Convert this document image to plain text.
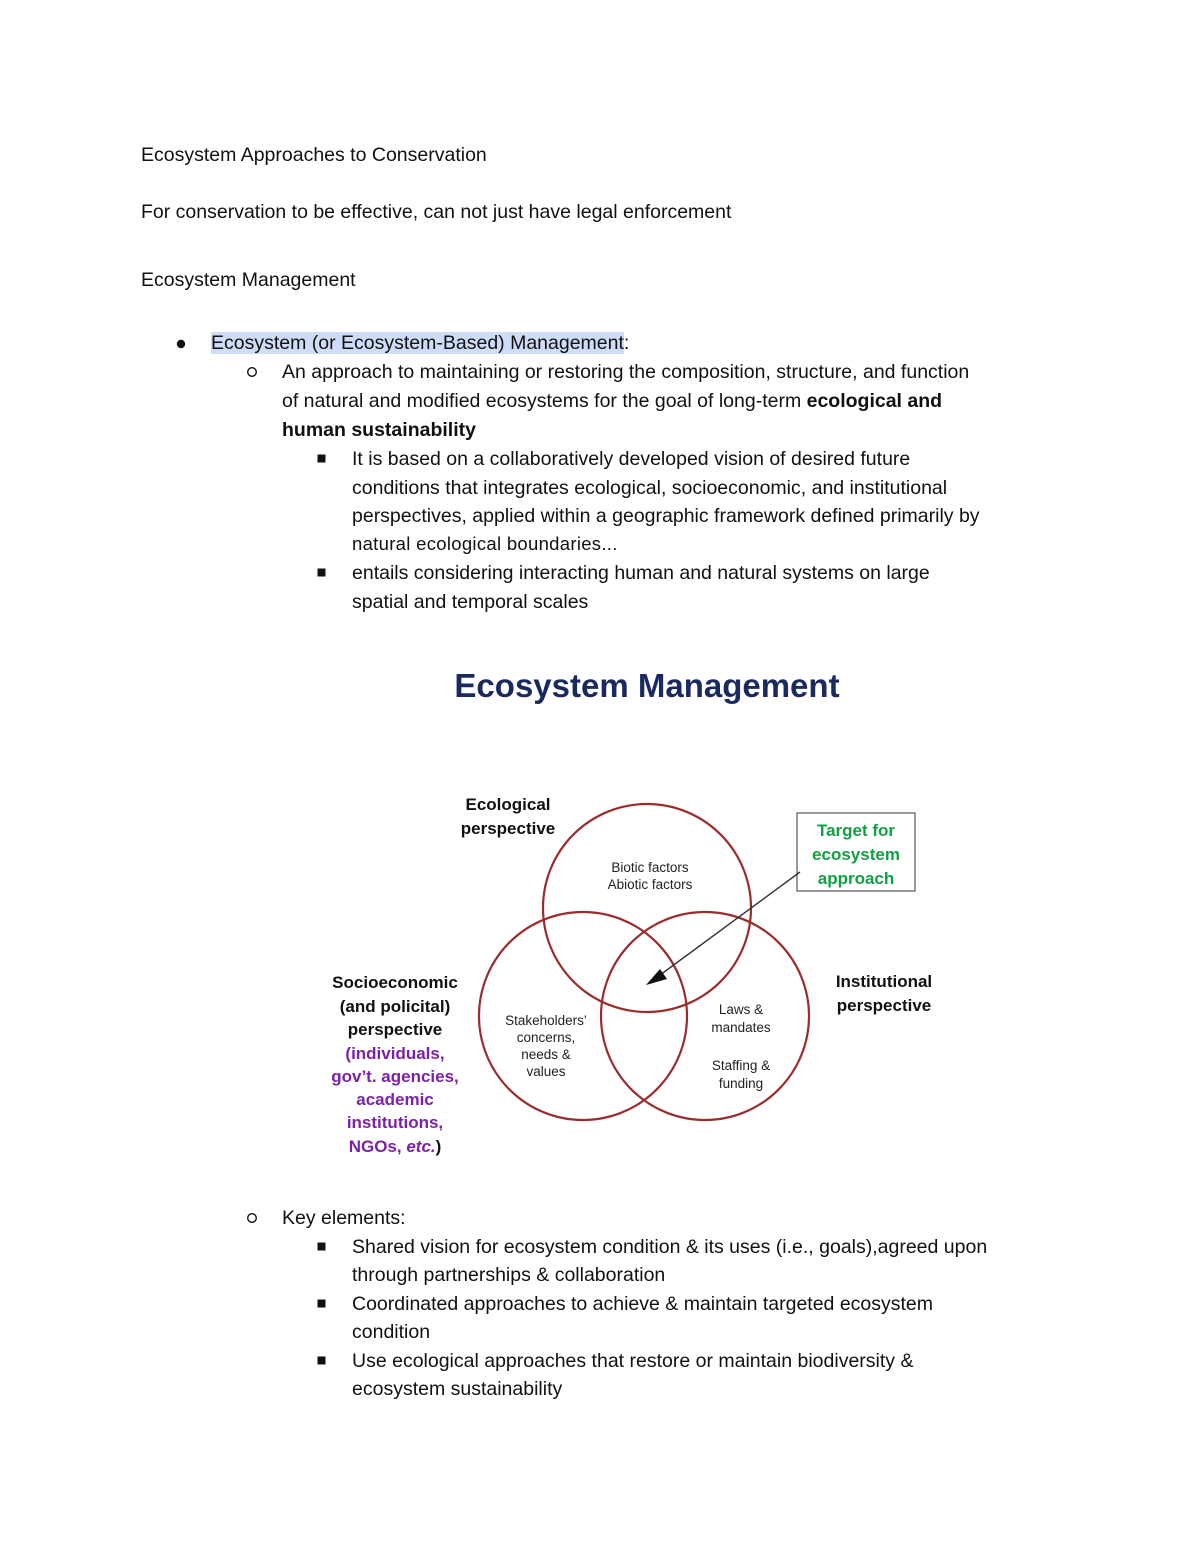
Ecosystem Approaches to Conservation
For conservation to be effective, can not just have legal enforcement
Ecosystem Management
Ecosystem (or Ecosystem-Based) Management:
An approach to maintaining or restoring the composition, structure, and function
of natural and modified ecosystems for the goal of long-term ecological and
human sustainability
It is based on a collaboratively developed vision of desired future
conditions that integrates ecological, socioeconomic, and institutional
perspectives, applied within a geographic framework defined primarily by
natural ecological boundaries...
entails considering interacting human and natural systems on large
spatial and temporal scales
Ecosystem Management
Ecological
perspective
Biotic factors
Abiotic factors
Target for
ecosystem
approach
Socioeconomic
(and policital)
perspective
(individuals,
gov’t. agencies,
academic
institutions,
NGOs, etc.)
Stakeholders’
concerns,
needs &
values
Institutional
perspective
Laws &
mandates
Staffing &
funding
Key elements:
Shared vision for ecosystem condition & its uses (i.e., goals),agreed upon
through partnerships & collaboration
Coordinated approaches to achieve & maintain targeted ecosystem
condition
Use ecological approaches that restore or maintain biodiversity &
ecosystem sustainability
